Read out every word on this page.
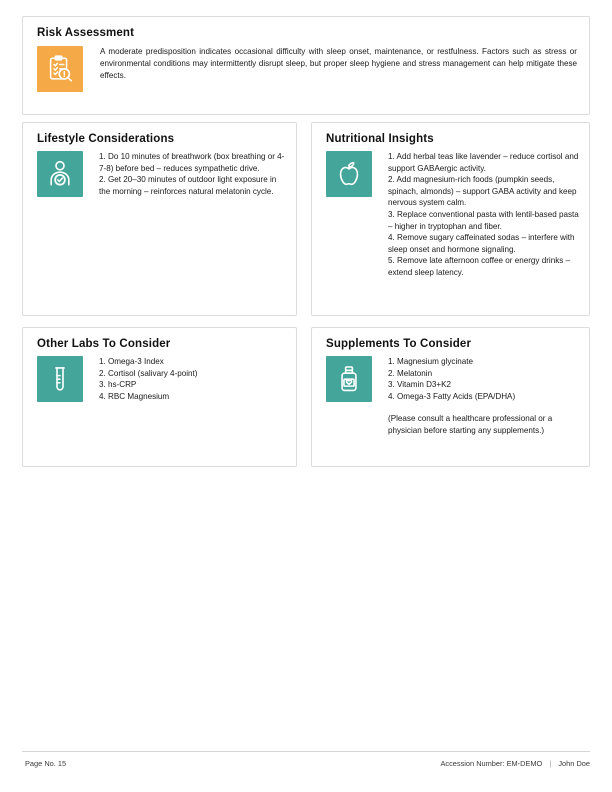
Risk Assessment
A moderate predisposition indicates occasional difficulty with sleep onset, maintenance, or restfulness. Factors such as stress or environmental conditions may intermittently disrupt sleep, but proper sleep hygiene and stress management can help mitigate these effects.
Lifestyle Considerations
1. Do 10 minutes of breathwork (box breathing or 4-7-8) before bed – reduces sympathetic drive.
2. Get 20–30 minutes of outdoor light exposure in the morning – reinforces natural melatonin cycle.
Nutritional Insights
1. Add herbal teas like lavender – reduce cortisol and support GABAergic activity.
2. Add magnesium-rich foods (pumpkin seeds, spinach, almonds) – support GABA activity and keep nervous system calm.
3. Replace conventional pasta with lentil-based pasta – higher in tryptophan and fiber.
4. Remove sugary caffeinated sodas – interfere with sleep onset and hormone signaling.
5. Remove late afternoon coffee or energy drinks – extend sleep latency.
Other Labs To Consider
1. Omega-3 Index
2. Cortisol (salivary 4-point)
3. hs-CRP
4. RBC Magnesium
Supplements To Consider
1. Magnesium glycinate
2. Melatonin
3. Vitamin D3+K2
4. Omega-3 Fatty Acids (EPA/DHA)
(Please consult a healthcare professional or a physician before starting any supplements.)
Page No. 15	Accession Number: EM-DEMO | John Doe
